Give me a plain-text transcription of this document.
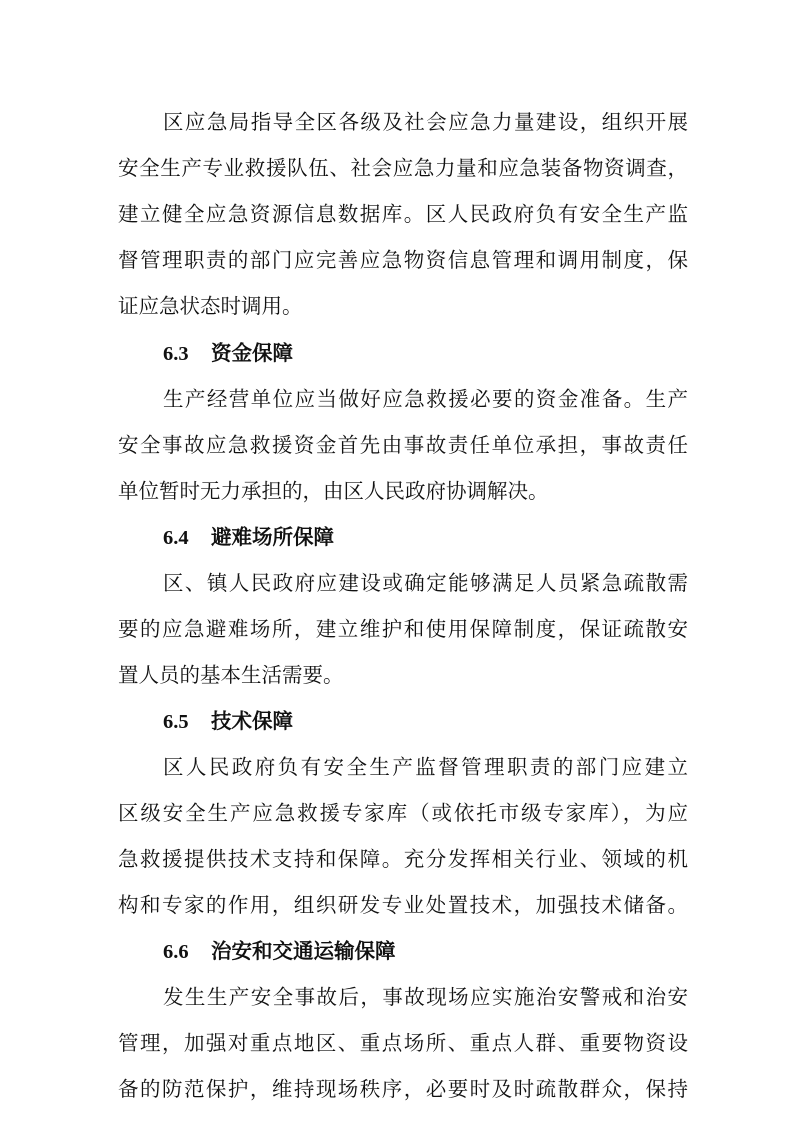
区应急局指导全区各级及社会应急力量建设，组织开展
安全生产专业救援队伍、社会应急力量和应急装备物资调查，
建立健全应急资源信息数据库。区人民政府负有安全生产监
督管理职责的部门应完善应急物资信息管理和调用制度，保
证应急状态时调用。
6.3 资金保障
生产经营单位应当做好应急救援必要的资金准备。生产
安全事故应急救援资金首先由事故责任单位承担，事故责任
单位暂时无力承担的，由区人民政府协调解决。
6.4 避难场所保障
区、镇人民政府应建设或确定能够满足人员紧急疏散需
要的应急避难场所，建立维护和使用保障制度，保证疏散安
置人员的基本生活需要。
6.5 技术保障
区人民政府负有安全生产监督管理职责的部门应建立
区级安全生产应急救援专家库（或依托市级专家库），为应
急救援提供技术支持和保障。充分发挥相关行业、领域的机
构和专家的作用，组织研发专业处置技术，加强技术储备。
6.6 治安和交通运输保障
发生生产安全事故后，事故现场应实施治安警戒和治安
管理，加强对重点地区、重点场所、重点人群、重要物资设
备的防范保护，维持现场秩序，必要时及时疏散群众，保持
